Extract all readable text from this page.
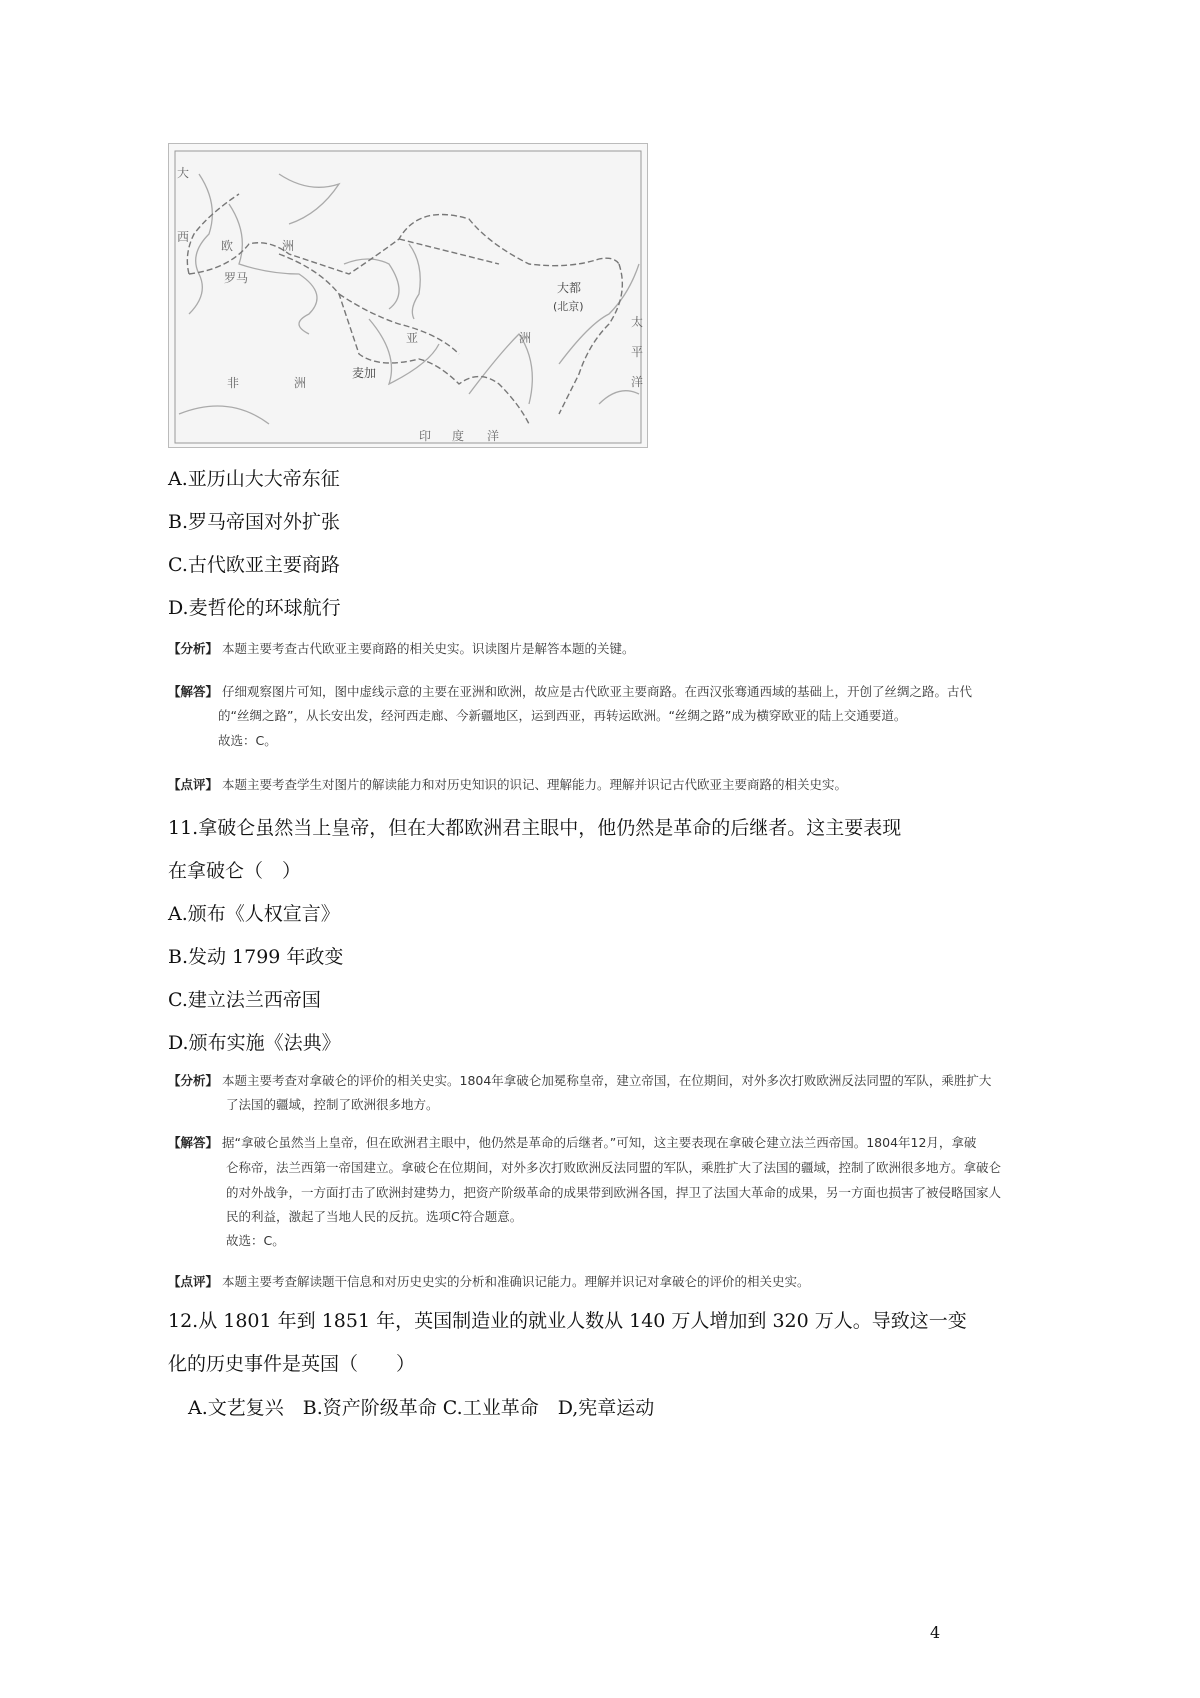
大
西
欧	洲
罗马
亚	洲
大都
(北京)
非	洲
麦加
印 度 洋
太
平
洋
A.亚历山大大帝东征
B.罗马帝国对外扩张
C.古代欧亚主要商路
D.麦哲伦的环球航行
【分析】 本题主要考查古代欧亚主要商路的相关史实。识读图片是解答本题的关键。
【解答】 仔细观察图片可知，图中虚线示意的主要在亚洲和欧洲，故应是古代欧亚主要商路。在西汉张骞通西域的基础上，开创了丝绸之路。古代
的“丝绸之路”，从长安出发，经河西走廊、今新疆地区，运到西亚，再转运欧洲。“丝绸之路”成为横穿欧亚的陆上交通要道。
故选：C。
【点评】 本题主要考查学生对图片的解读能力和对历史知识的识记、理解能力。理解并识记古代欧亚主要商路的相关史实。
11.拿破仑虽然当上皇帝，但在大都欧洲君主眼中，他仍然是革命的后继者。这主要表现
在拿破仑（　）
A.颁布《人权宣言》
B.发动 1799 年政变
C.建立法兰西帝国
D.颁布实施《法典》
【分析】 本题主要考查对拿破仑的评价的相关史实。1804年拿破仑加冕称皇帝，建立帝国，在位期间，对外多次打败欧洲反法同盟的军队，乘胜扩大
了法国的疆域，控制了欧洲很多地方。
【解答】 据“拿破仑虽然当上皇帝，但在欧洲君主眼中，他仍然是革命的后继者。”可知，这主要表现在拿破仑建立法兰西帝国。1804年12月，拿破
仑称帝，法兰西第一帝国建立。拿破仑在位期间，对外多次打败欧洲反法同盟的军队，乘胜扩大了法国的疆域，控制了欧洲很多地方。拿破仑
的对外战争，一方面打击了欧洲封建势力，把资产阶级革命的成果带到欧洲各国，捍卫了法国大革命的成果，另一方面也损害了被侵略国家人
民的利益，激起了当地人民的反抗。选项C符合题意。
故选：C。
【点评】 本题主要考查解读题干信息和对历史史实的分析和准确识记能力。理解并识记对拿破仑的评价的相关史实。
12.从 1801 年到 1851 年，英国制造业的就业人数从 140 万人增加到 320 万人。导致这一变
化的历史事件是英国（　　）
A.文艺复兴　B.资产阶级革命 C.工业革命　D,宪章运动
4
